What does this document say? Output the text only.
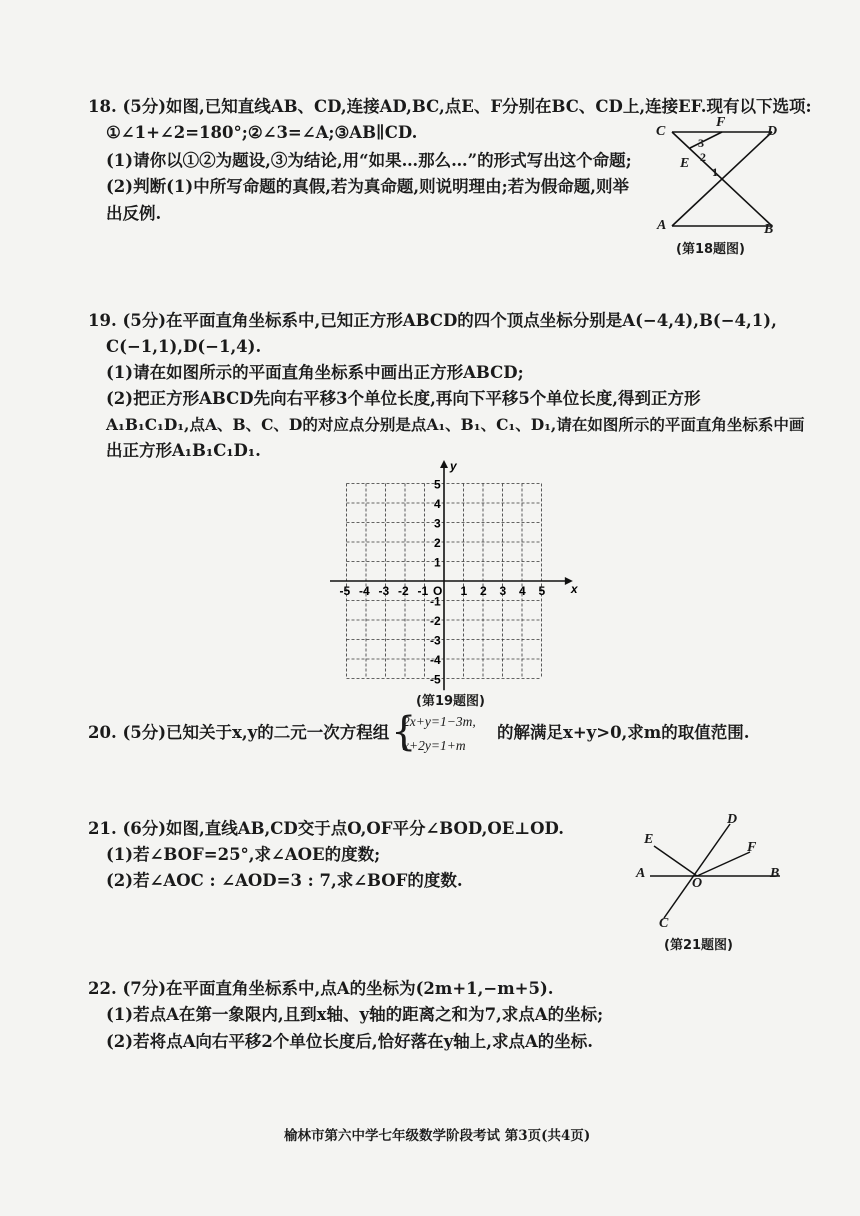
18. (5分)如图,已知直线AB、CD,连接AD,BC,点E、F分别在BC、CD上,连接EF.现有以下选项:
①∠1+∠2=180°;②∠3=∠A;③AB∥CD.
(1)请你以①②为题设,③为结论,用“如果…那么…”的形式写出这个命题;
(2)判断(1)中所写命题的真假,若为真命题,则说明理由;若为假命题,则举
出反例.
C	D
F
E
A	B
3
2
1
(第18题图)
19. (5分)在平面直角坐标系中,已知正方形ABCD的四个顶点坐标分别是A(−4,4),B(−4,1),
C(−1,1),D(−1,4).
(1)请在如图所示的平面直角坐标系中画出正方形ABCD;
(2)把正方形ABCD先向右平移3个单位长度,再向下平移5个单位长度,得到正方形
A₁B₁C₁D₁,点A、B、C、D的对应点分别是点A₁、B₁、C₁、D₁,请在如图所示的平面直角坐标系中画
出正方形A₁B₁C₁D₁.
x
y
O
-5 -4 -3 -2 -1	1 2 3 4 5
5
4
3
2
1
-1
-2
-3
-4
-5
(第19题图)
20. (5分)已知关于x,y的二元一次方程组 {
2x+y=1−3m,
x+2y=1+m
的解满足x+y>0,求m的取值范围.
21. (6分)如图,直线AB,CD交于点O,OF平分∠BOD,OE⊥OD.
(1)若∠BOF=25°,求∠AOE的度数;
(2)若∠AOC : ∠AOD=3 : 7,求∠BOF的度数.
D
E
F
A	B
O
C
(第21题图)
22. (7分)在平面直角坐标系中,点A的坐标为(2m+1,−m+5).
(1)若点A在第一象限内,且到x轴、y轴的距离之和为7,求点A的坐标;
(2)若将点A向右平移2个单位长度后,恰好落在y轴上,求点A的坐标.
榆林市第六中学七年级数学阶段考试 第3页(共4页)
